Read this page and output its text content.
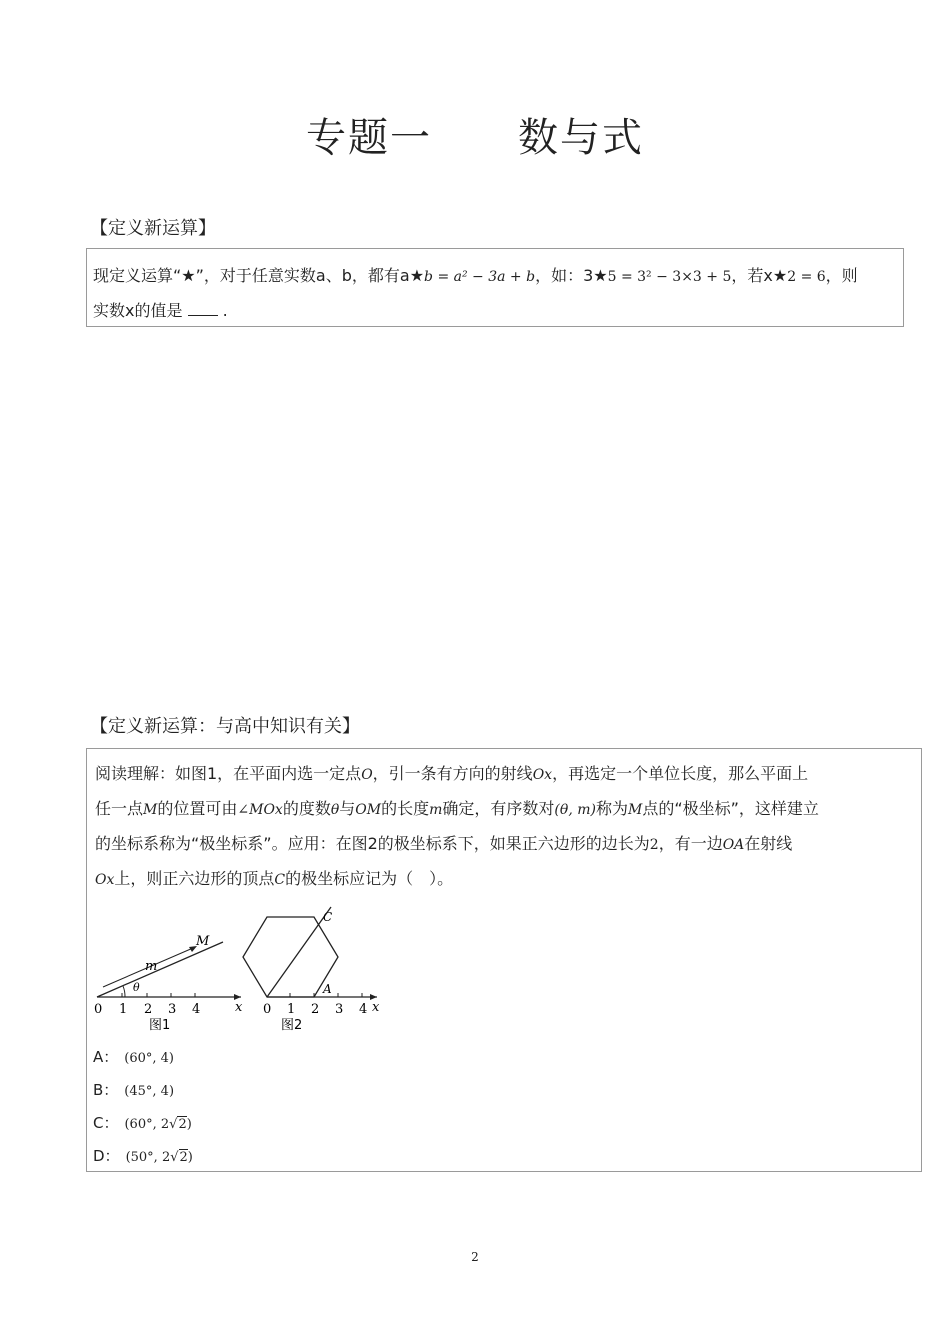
专题一 数与式
【定义新运算】
现定义运算“★”，对于任意实数a、b，都有a★b = a² − 3a + b，如：3★5 = 3² − 3×3 + 5，若x★2 = 6，则
实数x的值是	.
【定义新运算：与高中知识有关】
阅读理解：如图1，在平面内选一定点O，引一条有方向的射线Ox，再选定一个单位长度，那么平面上
任一点M的位置可由∠MOx的度数θ与OM的长度m确定，有序数对(θ, m)称为M点的“极坐标”，这样建立
的坐标系称为“极坐标系”。应用：在图2的极坐标系下，如果正六边形的边长为2，有一边OA在射线
Ox上，则正六边形的顶点C的极坐标应记为（　）。
0 1 2 3 4	x
M
m
θ
图1
0 1 2 3 4 x
A
C
图2
A： (60°, 4)
B： (45°, 4)
C： (60°, 2√2)
D： (50°, 2√2)
2
